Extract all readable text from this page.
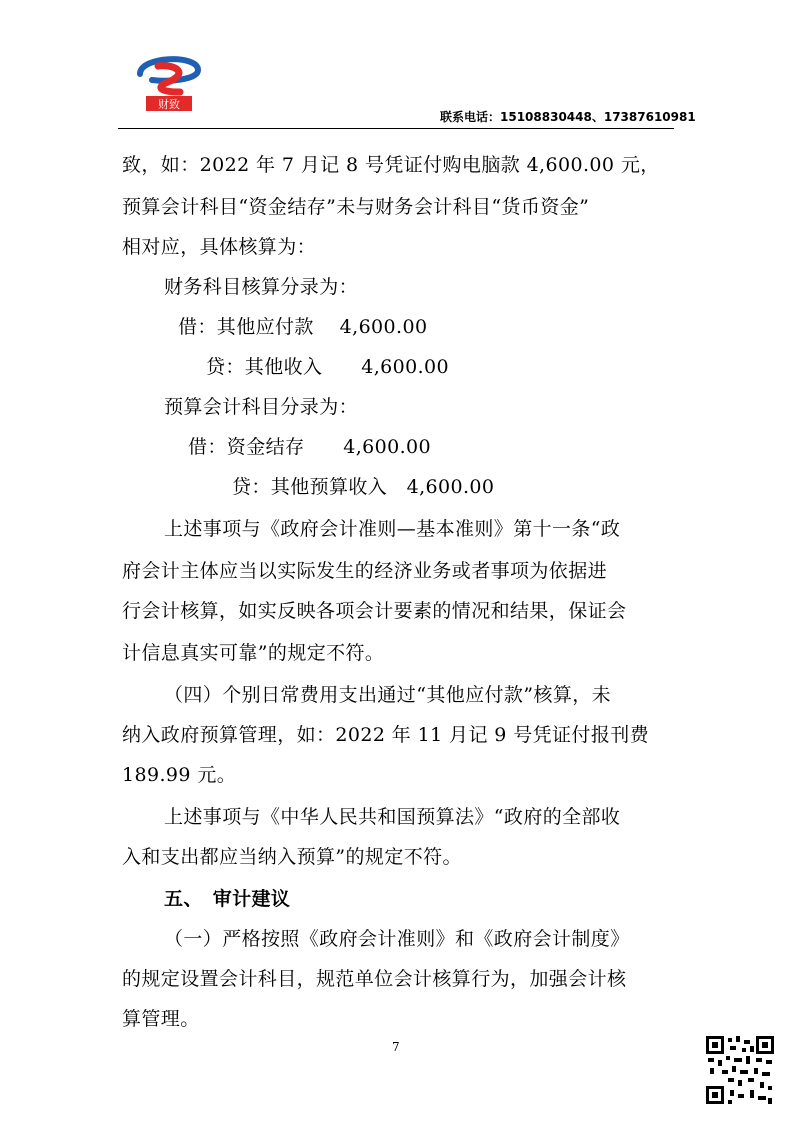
财致
联系电话：15108830448、17387610981
致，如：2022 年 7 月记 8 号凭证付购电脑款 4,600.00 元，
预算会计科目“资金结存”未与财务会计科目“货币资金”
相对应，具体核算为：
财务科目核算分录为：
借：其他应付款　 4,600.00
贷：其他收入　　4,600.00
预算会计科目分录为：
借：资金结存　　4,600.00
贷：其他预算收入　4,600.00
上述事项与《政府会计准则—基本准则》第十一条“政
府会计主体应当以实际发生的经济业务或者事项为依据进
行会计核算，如实反映各项会计要素的情况和结果，保证会
计信息真实可靠”的规定不符。
（四）个别日常费用支出通过“其他应付款”核算，未
纳入政府预算管理，如：2022 年 11 月记 9 号凭证付报刊费
189.99 元。
上述事项与《中华人民共和国预算法》“政府的全部收
入和支出都应当纳入预算”的规定不符。
五、　审计建议
（一）严格按照《政府会计准则》和《政府会计制度》
的规定设置会计科目，规范单位会计核算行为，加强会计核
算管理。
7
